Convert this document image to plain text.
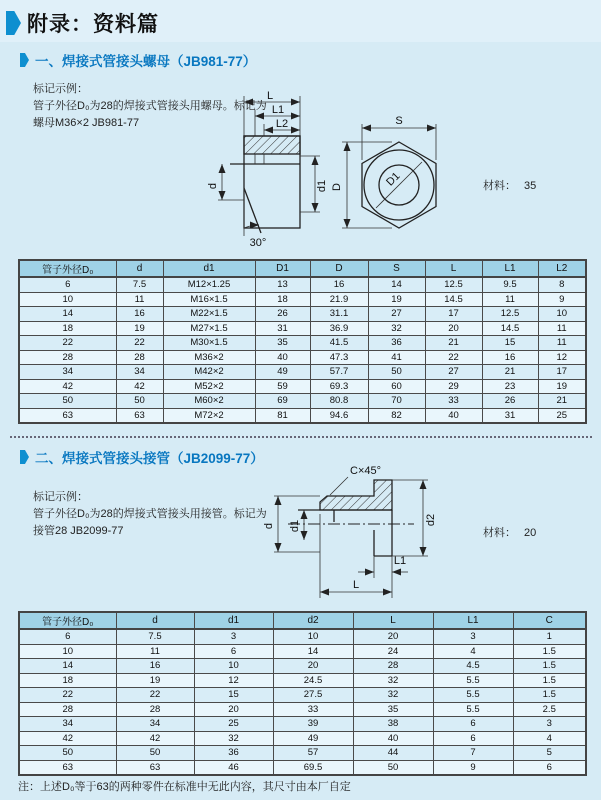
附录：资料篇
一、焊接式管接头螺母（JB981-77）
标记示例：
管子外径D₀为28的焊接式管接头用螺母。标记为
螺母M36×2 JB981-77
L
L1
L2
30°
d	d1	D1
S
D	材料： 35
管子外径D₀	d	d1	D1	D	S	L	L1	L2
6	7.5	M12×1.25	13	16	14	12.5	9.5	8
10	11	M16×1.5	18	21.9	19	14.5	11	9
14	16	M22×1.5	26	31.1	27	17	12.5	10
18	19	M27×1.5	31	36.9	32	20	14.5	11
22	22	M30×1.5	35	41.5	36	21	15	11
28	28	M36×2	40	47.3	41	22	16	12
34	34	M42×2	49	57.7	50	27	21	17
42	42	M52×2	59	69.3	60	29	23	19
50	50	M60×2	69	80.8	70	33	26	21
63	63	M72×2	81	94.6	82	40	31	25
二、焊接式管接头接管（JB2099-77）
标记示例：
管子外径D₀为28的焊接式管接头用接管。标记为
接管28 JB2099-77
C×45°
d d1	d2
L1
L
材料： 20
管子外径D₀	d	d1	d2	L	L1	C
6	7.5	3	10	20	3	1
10	11	6	14	24	4	1.5
14	16	10	20	28	4.5	1.5
18	19	12	24.5	32	5.5	1.5
22	22	15	27.5	32	5.5	1.5
28	28	20	33	35	5.5	2.5
34	34	25	39	38	6	3
42	42	32	49	40	6	4
50	50	36	57	44	7	5
63	63	46	69.5	50	9	6
注：上述D₀等于63的两种零件在标准中无此内容，其尺寸由本厂自定
